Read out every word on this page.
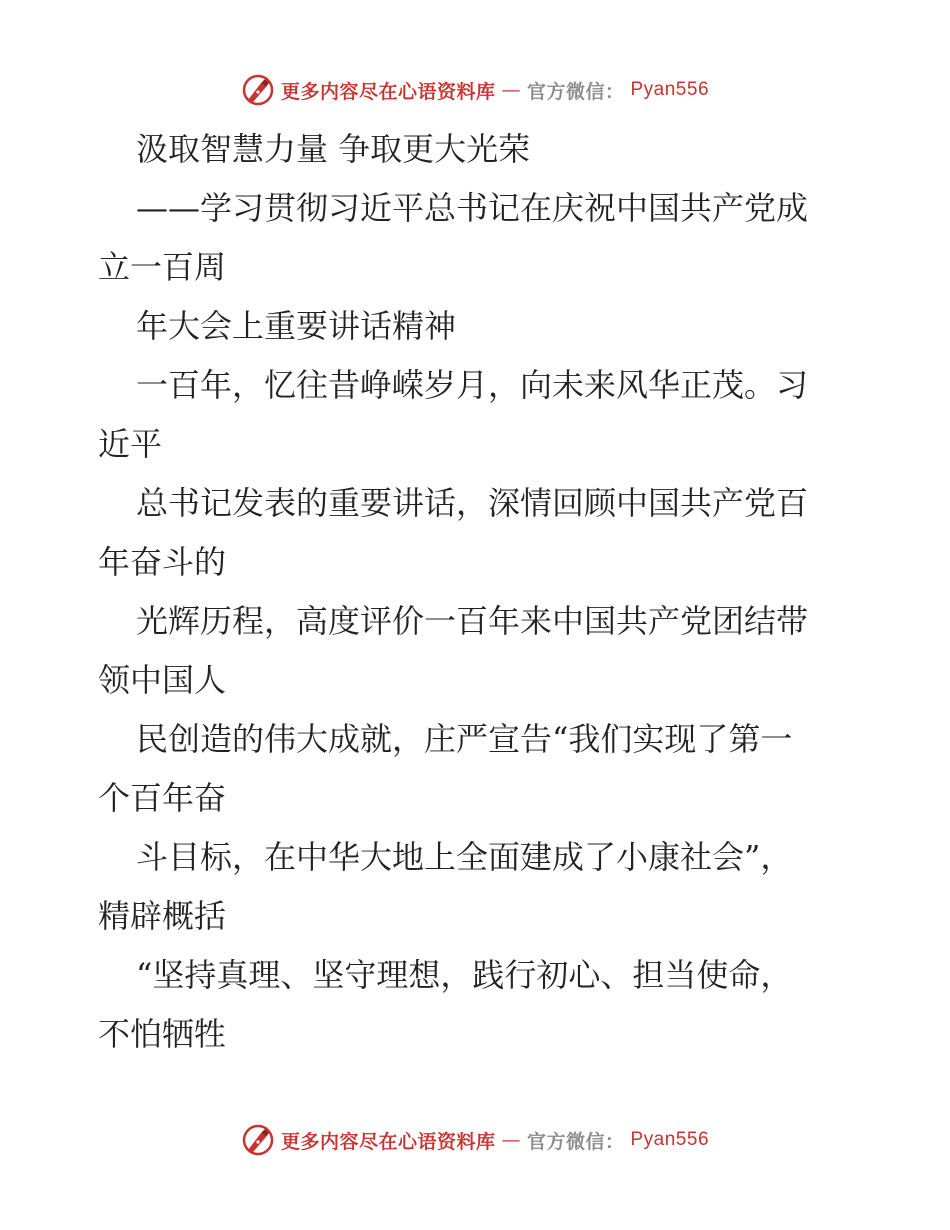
更多内容尽在心语资料库 — 官方微信： Pyan556
汲取智慧力量 争取更大光荣
——学习贯彻习近平总书记在庆祝中国共产党成
立一百周
年大会上重要讲话精神
一百年，忆往昔峥嵘岁月，向未来风华正茂。习
近平
总书记发表的重要讲话，深情回顾中国共产党百
年奋斗的
光辉历程，高度评价一百年来中国共产党团结带
领中国人
民创造的伟大成就，庄严宣告“我们实现了第一
个百年奋
斗目标，在中华大地上全面建成了小康社会”，
精辟概括
“坚持真理、坚守理想，践行初心、担当使命，
不怕牺牲
更多内容尽在心语资料库 — 官方微信： Pyan556
